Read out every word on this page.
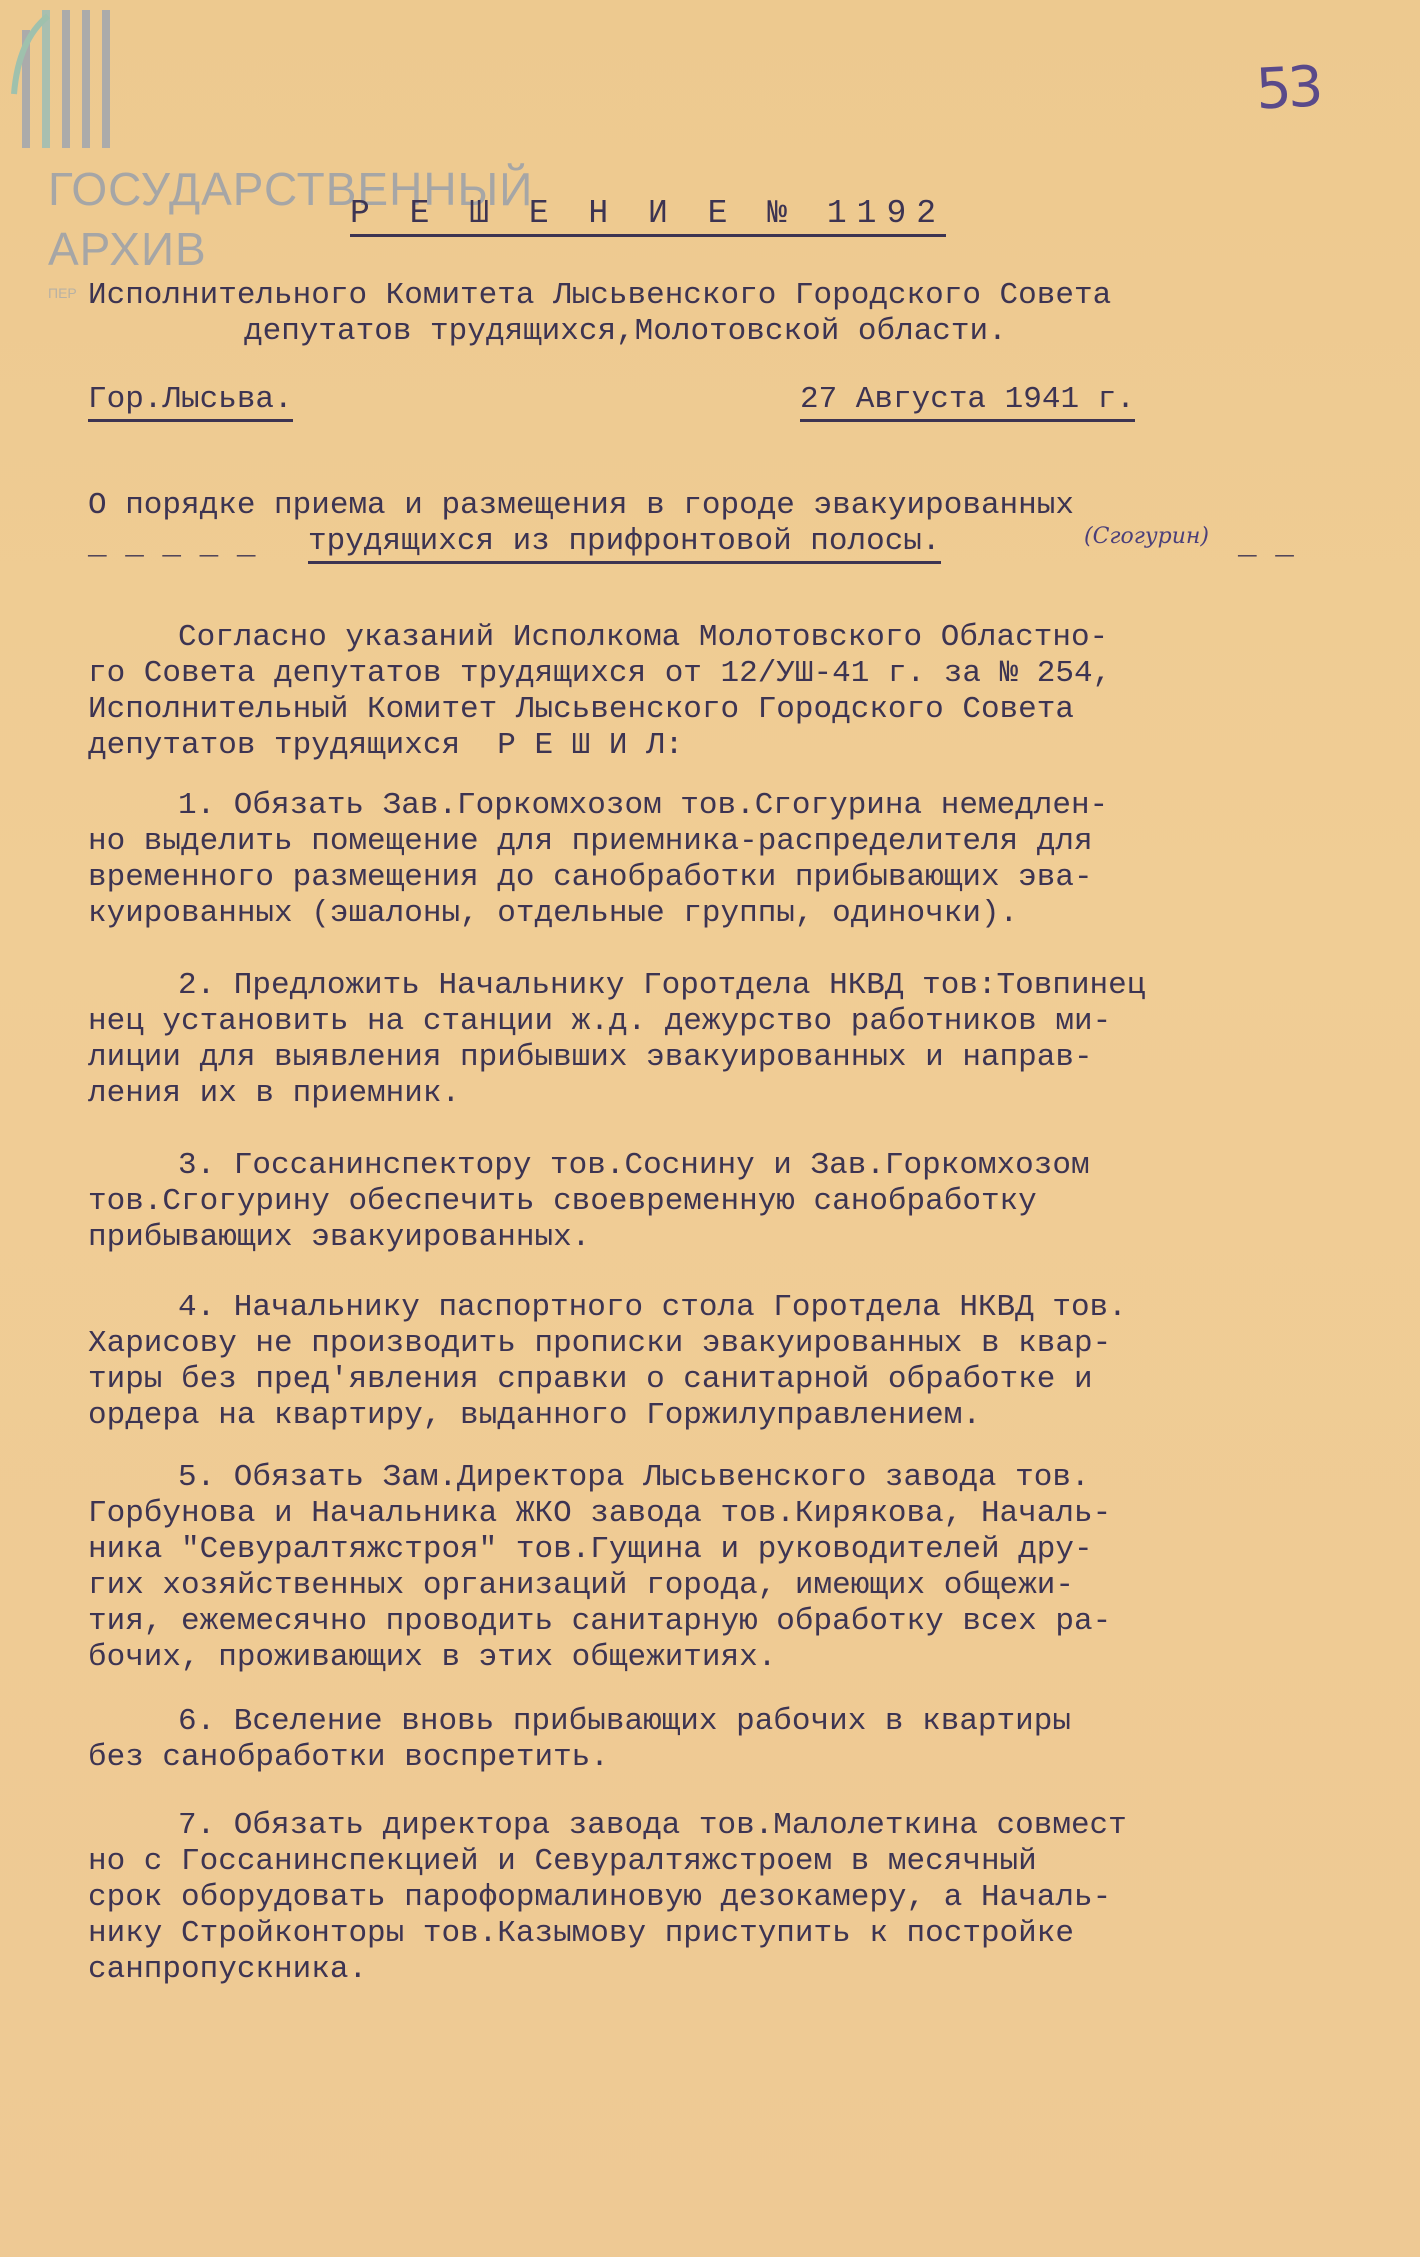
ГОСУДАРСТВЕННЫЙ
АРХИВ
ПЕР
53
Р Е Ш Е Н И Е № 1192
Исполнительного Комитета Лысьвенского Городского Совета
депутатов трудящихся,Молотовской области.
Гор.Лысьва.	27 Августа 1941 г.
О порядке приема и размещения в городе эвакуированных
_ _ _ _ _ трудящихся из прифронтовой полосы.	(Сгогурин) _ _
Согласно указаний Исполкома Молотовского Областно-
го Совета депутатов трудящихся от 12/УШ-41 г. за № 254,
Исполнительный Комитет Лысьвенского Городского Совета
депутатов трудящихся  Р Е Ш И Л:
1. Обязать Зав.Горкомхозом тов.Сгогурина немедлен-
но выделить помещение для приемника-распределителя для
временного размещения до санобработки прибывающих эва-
куированных (эшалоны, отдельные группы, одиночки).
2. Предложить Начальнику Горотдела НКВД тов:Товпинец
нец установить на станции ж.д. дежурство работников ми-
лиции для выявления прибывших эвакуированных и направ-
ления их в приемник.
3. Госсанинспектору тов.Соснину и Зав.Горкомхозом
тов.Сгогурину обеспечить своевременную санобработку
прибывающих эвакуированных.
4. Начальнику паспортного стола Горотдела НКВД тов.
Харисову не производить прописки эвакуированных в квар-
тиры без пред'явления справки о санитарной обработке и
ордера на квартиру, выданного Горжилуправлением.
5. Обязать Зам.Директора Лысьвенского завода тов.
Горбунова и Начальника ЖКО завода тов.Кирякова, Началь-
ника "Севуралтяжстроя" тов.Гущина и руководителей дру-
гих хозяйственных организаций города, имеющих общежи-
тия, ежемесячно проводить санитарную обработку всех ра-
бочих, проживающих в этих общежитиях.
6. Вселение вновь прибывающих рабочих в квартиры
без санобработки воспретить.
7. Обязать директора завода тов.Малолеткина совмест
но с Госсанинспекцией и Севуралтяжстроем в месячный
срок оборудовать пароформалиновую дезокамеру, а Началь-
нику Стройконторы тов.Казымову приступить к постройке
санпропускника.
